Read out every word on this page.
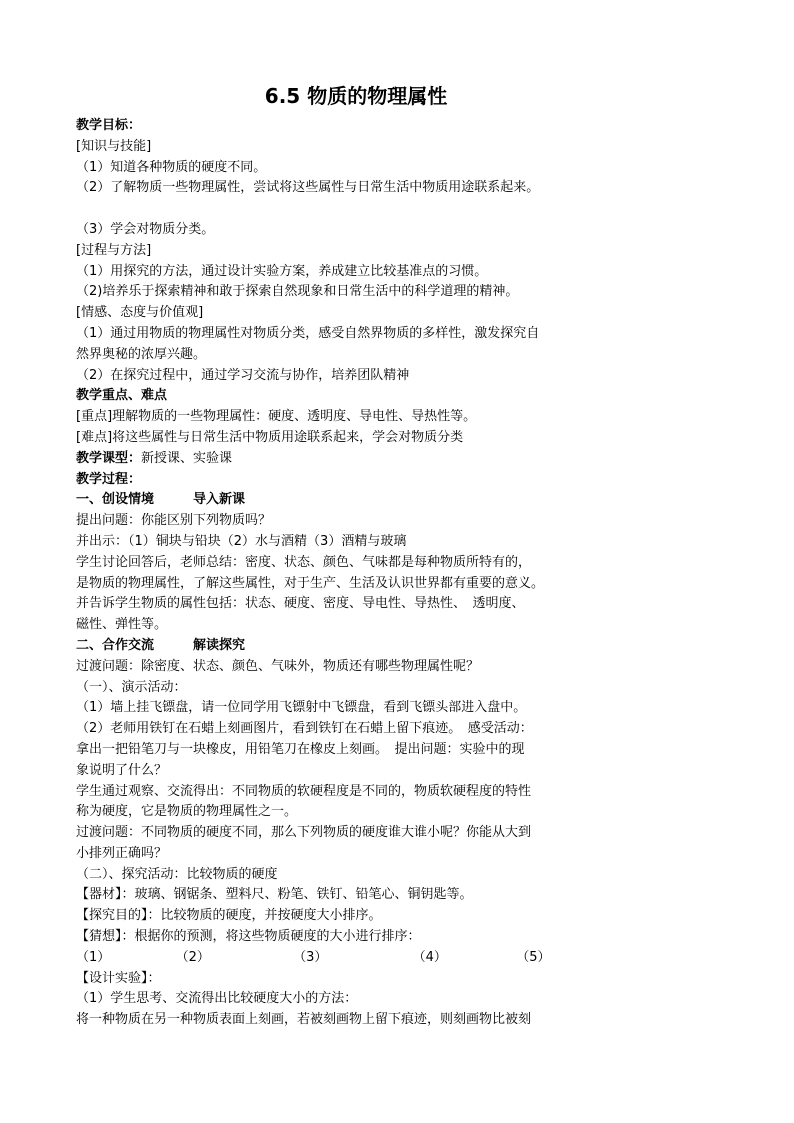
6.5 物质的物理属性
教学目标：
[知识与技能]
（1）知道各种物质的硬度不同。
（2）了解物质一些物理属性，尝试将这些属性与日常生活中物质用途联系起来。
（3）学会对物质分类。
[过程与方法]
（1）用探究的方法，通过设计实验方案，养成建立比较基准点的习惯。
（2)培养乐于探索精神和敢于探索自然现象和日常生活中的科学道理的精神。
[情感、态度与价值观]
（1）通过用物质的物理属性对物质分类，感受自然界物质的多样性，激发探究自
然界奥秘的浓厚兴趣。
（2）在探究过程中，通过学习交流与协作，培养团队精神
教学重点、难点
[重点]理解物质的一些物理属性：硬度、透明度、导电性、导热性等。
[难点]将这些属性与日常生活中物质用途联系起来，学会对物质分类
教学课型：新授课、实验课
教学过程：
一、创设情境　　　导入新课
提出问题：你能区别下列物质吗？
并出示：（1）铜块与铅块（2）水与酒精（3）酒精与玻璃
学生讨论回答后，老师总结：密度、状态、颜色、气味都是每种物质所特有的，
是物质的物理属性，了解这些属性，对于生产、生活及认识世界都有重要的意义。
并告诉学生物质的属性包括：状态、硬度、密度、导电性、导热性、　透明度、
磁性、弹性等。
二、合作交流　　　解读探究
过渡问题：除密度、状态、颜色、气味外，物质还有哪些物理属性呢？
（一）、演示活动：
（1）墙上挂飞镖盘，请一位同学用飞镖射中飞镖盘，看到飞镖头部进入盘中。
（2）老师用铁钉在石蜡上刻画图片，看到铁钉在石蜡上留下痕迹。　感受活动：
拿出一把铅笔刀与一块橡皮，用铅笔刀在橡皮上刻画。　提出问题：实验中的现
象说明了什么？
学生通过观察、交流得出：不同物质的软硬程度是不同的，物质软硬程度的特性
称为硬度，它是物质的物理属性之一。
过渡问题：不同物质的硬度不同，那么下列物质的硬度谁大谁小呢？你能从大到
小排列正确吗？
（二）、探究活动：比较物质的硬度
【器材】：玻璃、钢锯条、塑料尺、粉笔、铁钉、铅笔心、铜钥匙等。
【探究目的】：比较物质的硬度，并按硬度大小排序。
【猜想】：根据你的预测，将这些物质硬度的大小进行排序：
（1）	（2）	（3）	（4）	（5）
【设计实验】：
（1）学生思考、交流得出比较硬度大小的方法：
将一种物质在另一种物质表面上刻画，若被刻画物上留下痕迹，则刻画物比被刻
